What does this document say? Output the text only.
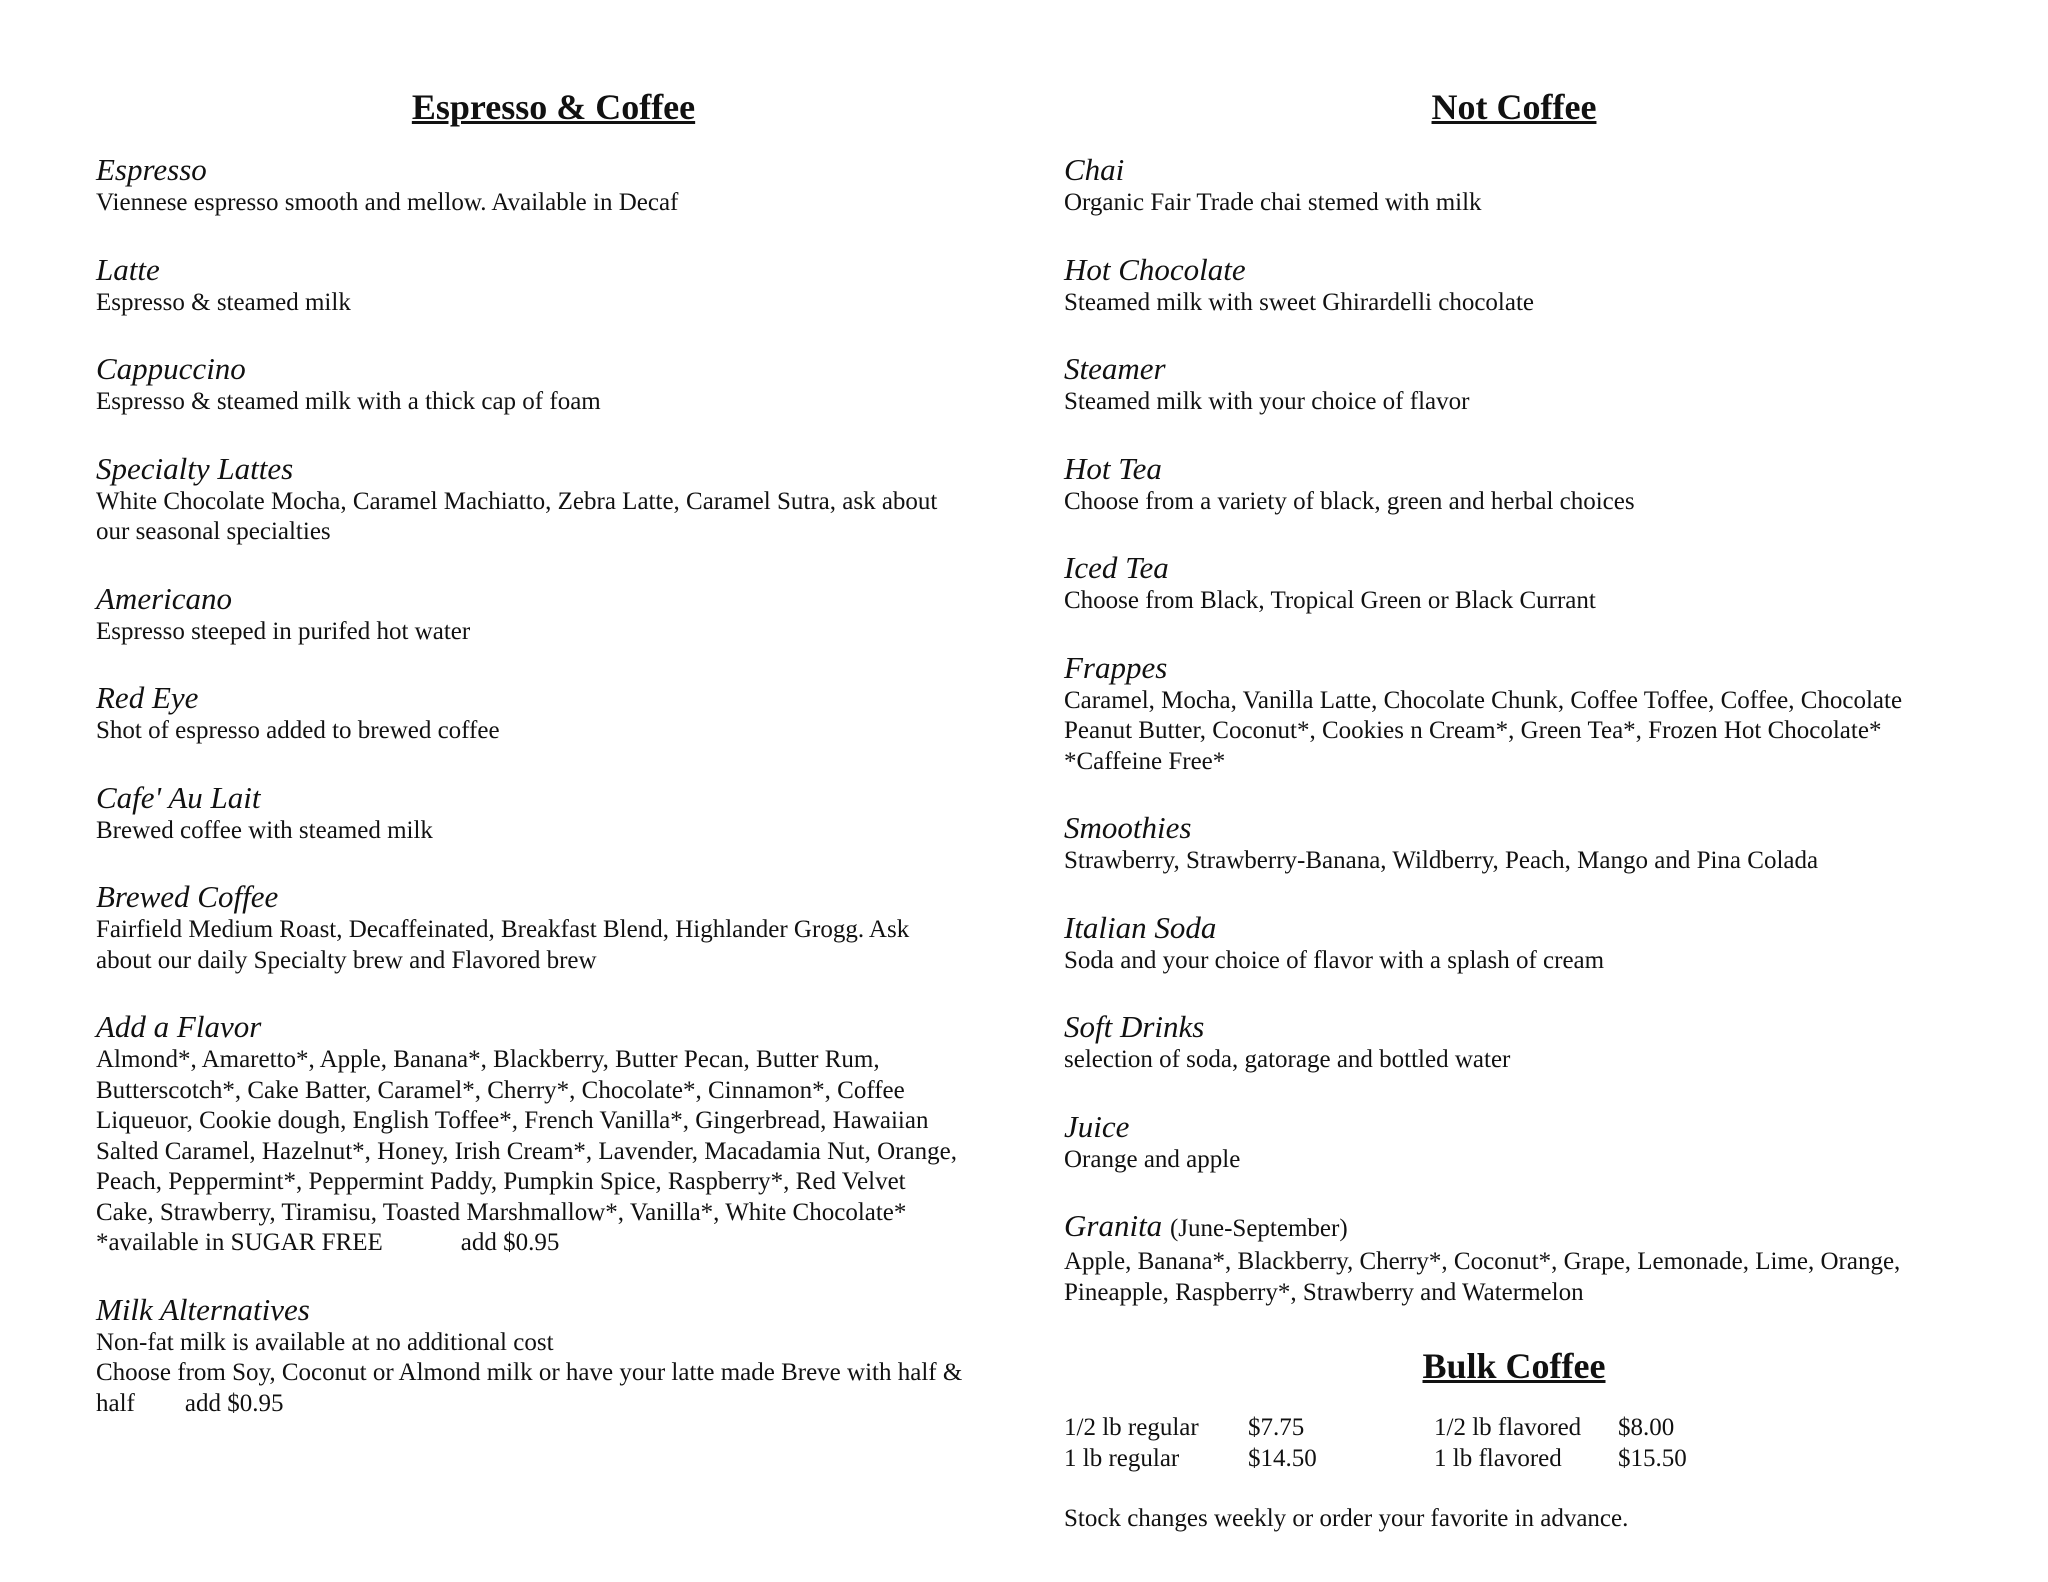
Espresso & Coffee
Espresso
Viennese espresso smooth and mellow. Available in Decaf
Latte
Espresso & steamed milk
Cappuccino
Espresso & steamed milk with a thick cap of foam
Specialty Lattes
White Chocolate Mocha, Caramel Machiatto, Zebra Latte, Caramel Sutra, ask about
our seasonal specialties
Americano
Espresso steeped in purifed hot water
Red Eye
Shot of espresso added to brewed coffee
Cafe' Au Lait
Brewed coffee with steamed milk
Brewed Coffee
Fairfield Medium Roast, Decaffeinated, Breakfast Blend, Highlander Grogg. Ask
about our daily Specialty brew and Flavored brew
Add a Flavor
Almond*, Amaretto*, Apple, Banana*, Blackberry, Butter Pecan, Butter Rum,
Butterscotch*, Cake Batter, Caramel*, Cherry*, Chocolate*, Cinnamon*, Coffee
Liqueuor, Cookie dough, English Toffee*, French Vanilla*, Gingerbread, Hawaiian
Salted Caramel, Hazelnut*, Honey, Irish Cream*, Lavender, Macadamia Nut, Orange,
Peach, Peppermint*, Peppermint Paddy, Pumpkin Spice, Raspberry*, Red Velvet
Cake, Strawberry, Tiramisu, Toasted Marshmallow*, Vanilla*, White Chocolate*
*available in SUGAR FREE	add $0.95
Milk Alternatives
Non-fat milk is available at no additional cost
Choose from Soy, Coconut or Almond milk or have your latte made Breve with half &
half add $0.95
Not Coffee
Chai
Organic Fair Trade chai stemed with milk
Hot Chocolate
Steamed milk with sweet Ghirardelli chocolate
Steamer
Steamed milk with your choice of flavor
Hot Tea
Choose from a variety of black, green and herbal choices
Iced Tea
Choose from Black, Tropical Green or Black Currant
Frappes
Caramel, Mocha, Vanilla Latte, Chocolate Chunk, Coffee Toffee, Coffee, Chocolate
Peanut Butter, Coconut*, Cookies n Cream*, Green Tea*, Frozen Hot Chocolate*
*Caffeine Free*
Smoothies
Strawberry, Strawberry-Banana, Wildberry, Peach, Mango and Pina Colada
Italian Soda
Soda and your choice of flavor with a splash of cream
Soft Drinks
selection of soda, gatorage and bottled water
Juice
Orange and apple
Granita (June-September)
Apple, Banana*, Blackberry, Cherry*, Coconut*, Grape, Lemonade, Lime, Orange,
Pineapple, Raspberry*, Strawberry and Watermelon
Bulk Coffee
1/2 lb regular	$7.75	1/2 lb flavored	$8.00
1 lb regular	$14.50	1 lb flavored	$15.50
Stock changes weekly or order your favorite in advance.
